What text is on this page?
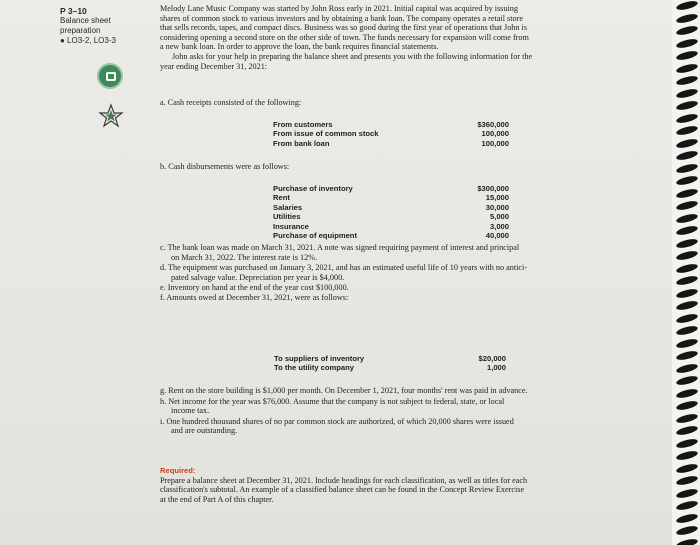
P 3–10
Balance sheet
preparation
● LO3-2, LO3-3
Melody Lane Music Company was started by John Ross early in 2021. Initial capital was acquired by issuing
shares of common stock to various investors and by obtaining a bank loan. The company operates a retail store
that sells records, tapes, and compact discs. Business was so good during the first year of operations that John is
considering opening a second store on the other side of town. The funds necessary for expansion will come from
a new bank loan. In order to approve the loan, the bank requires financial statements.
John asks for your help in preparing the balance sheet and presents you with the following information for the
year ending December 31, 2021:
a. Cash receipts consisted of the following:
From customers	$360,000
From issue of common stock	100,000
From bank loan	100,000
b. Cash disbursements were as follows:
Purchase of inventory	$300,000
Rent	15,000
Salaries	30,000
Utilities	5,000
Insurance	3,000
Purchase of equipment	40,000
c. The bank loan was made on March 31, 2021. A note was signed requiring payment of interest and principal
on March 31, 2022. The interest rate is 12%.
d. The equipment was purchased on January 3, 2021, and has an estimated useful life of 10 years with no antici-
pated salvage value. Depreciation per year is $4,000.
e. Inventory on hand at the end of the year cost $100,000.
f. Amounts owed at December 31, 2021, were as follows:
To suppliers of inventory	$20,000
To the utility company	1,000
g. Rent on the store building is $1,000 per month. On December 1, 2021, four months' rent was paid in advance.
h. Net income for the year was $76,000. Assume that the company is not subject to federal, state, or local
income tax.
i. One hundred thousand shares of no par common stock are authorized, of which 20,000 shares were issued
and are outstanding.
Required:
Prepare a balance sheet at December 31, 2021. Include headings for each classification, as well as titles for each
classification's subtotal. An example of a classified balance sheet can be found in the Concept Review Exercise
at the end of Part A of this chapter.
